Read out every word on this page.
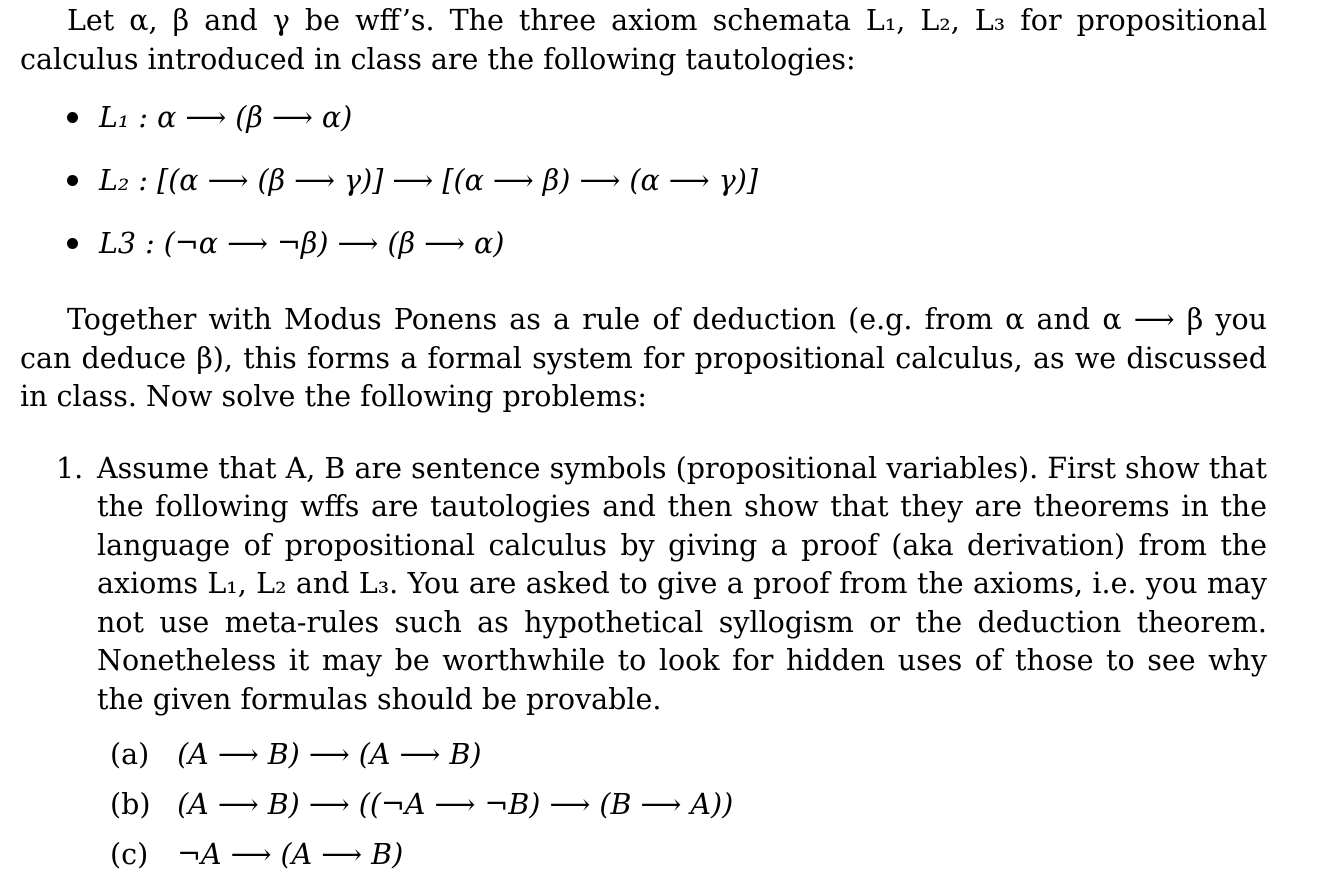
Let α, β and γ be wff’s. The three axiom schemata L₁, L₂, L₃ for propositional calculus introduced in class are the following tautologies:

L₁ : α ⟶ (β ⟶ α)
L₂ : [(α ⟶ (β ⟶ γ)] ⟶ [(α ⟶ β) ⟶ (α ⟶ γ)]
L3 : (¬α ⟶ ¬β) ⟶ (β ⟶ α)

Together with Modus Ponens as a rule of deduction (e.g. from α and α ⟶ β you can deduce β), this forms a formal system for propositional calculus, as we discussed in class. Now solve the following problems:

1. Assume that A, B are sentence symbols (propositional variables). First show that the following wffs are tautologies and then show that they are theorems in the language of propositional calculus by giving a proof (aka derivation) from the axioms L₁, L₂ and L₃. You are asked to give a proof from the axioms, i.e. you may not use meta-rules such as hypothetical syllogism or the deduction theorem. Nonetheless it may be worthwhile to look for hidden uses of those to see why the given formulas should be provable.
(a) (A ⟶ B) ⟶ (A ⟶ B)
(b) (A ⟶ B) ⟶ ((¬A ⟶ ¬B) ⟶ (B ⟶ A))
(c) ¬A ⟶ (A ⟶ B)
